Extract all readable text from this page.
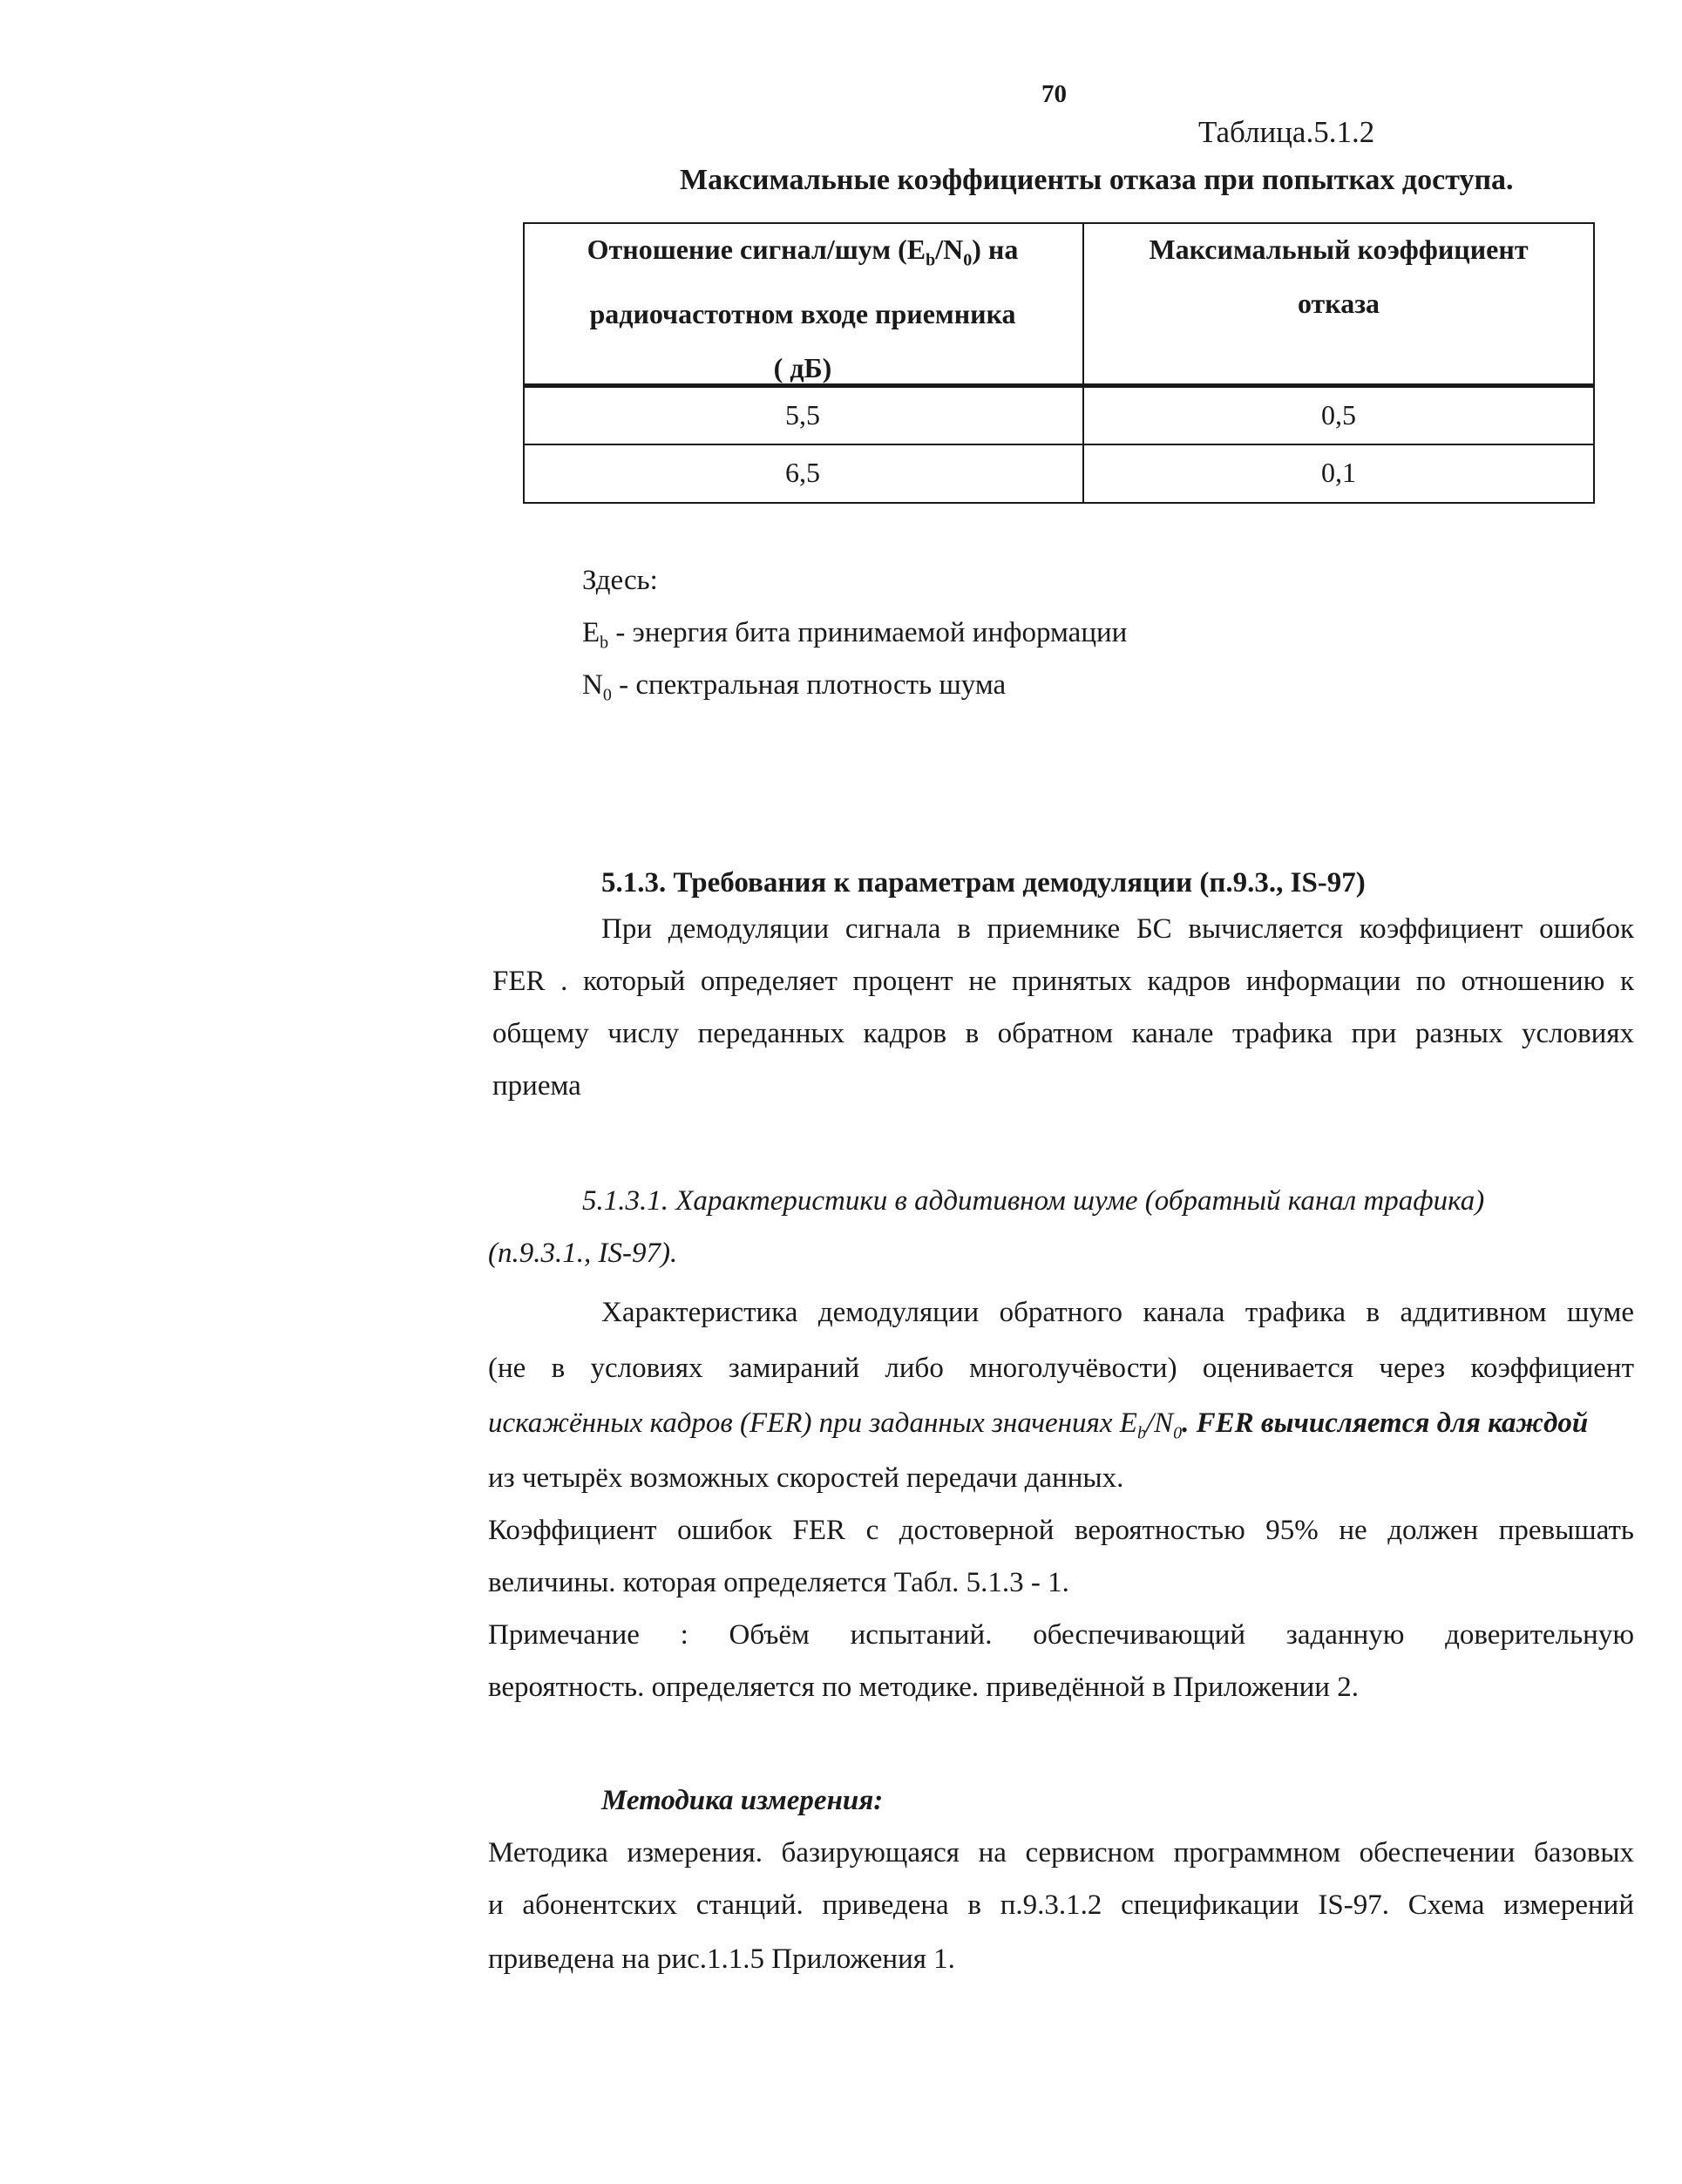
70
Таблица.5.1.2
Максимальные коэффициенты отказа при попытках доступа.
Отношение сигнал/шум $(E_b/N_0)$ на
радиочастотном входе приемника
( дБ)
Максимальный коэффициент
отказа
5,5	0,5
6,5	0,1
Здесь:
$E_b$ - энергия бита принимаемой информации
$N_0$ - спектральная плотность шума
5.1.3. Требования к параметрам демодуляции (п.9.3., IS-97)
При демодуляции сигнала в приемнике БС вычисляется коэффициент ошибок
FER . который определяет процент не принятых кадров информации по отношению к
общему числу переданных кадров в обратном канале трафика при разных условиях
приема
5.1.3.1. Характеристики в аддитивном шуме (обратный канал трафика)
(п.9.3.1., IS-97).
Характеристика демодуляции обратного канала трафика в аддитивном шуме
(не в условиях замираний либо многолучёвости) оценивается через коэффициент
искажённых кадров (FER) при заданных значениях $E_b/N_0$. FER вычисляется для каждой
из четырёх возможных скоростей передачи данных.
Коэффициент ошибок FER с достоверной вероятностью 95% не должен превышать
величины. которая определяется Табл. 5.1.3 - 1.
Примечание : Объём испытаний. обеспечивающий заданную доверительную
вероятность. определяется по методике. приведённой в Приложении 2.
Методика измерения:
Методика измерения. базирующаяся на сервисном программном обеспечении базовых
и абонентских станций. приведена в п.9.3.1.2 спецификации IS-97. Схема измерений
приведена на рис.1.1.5 Приложения 1.
